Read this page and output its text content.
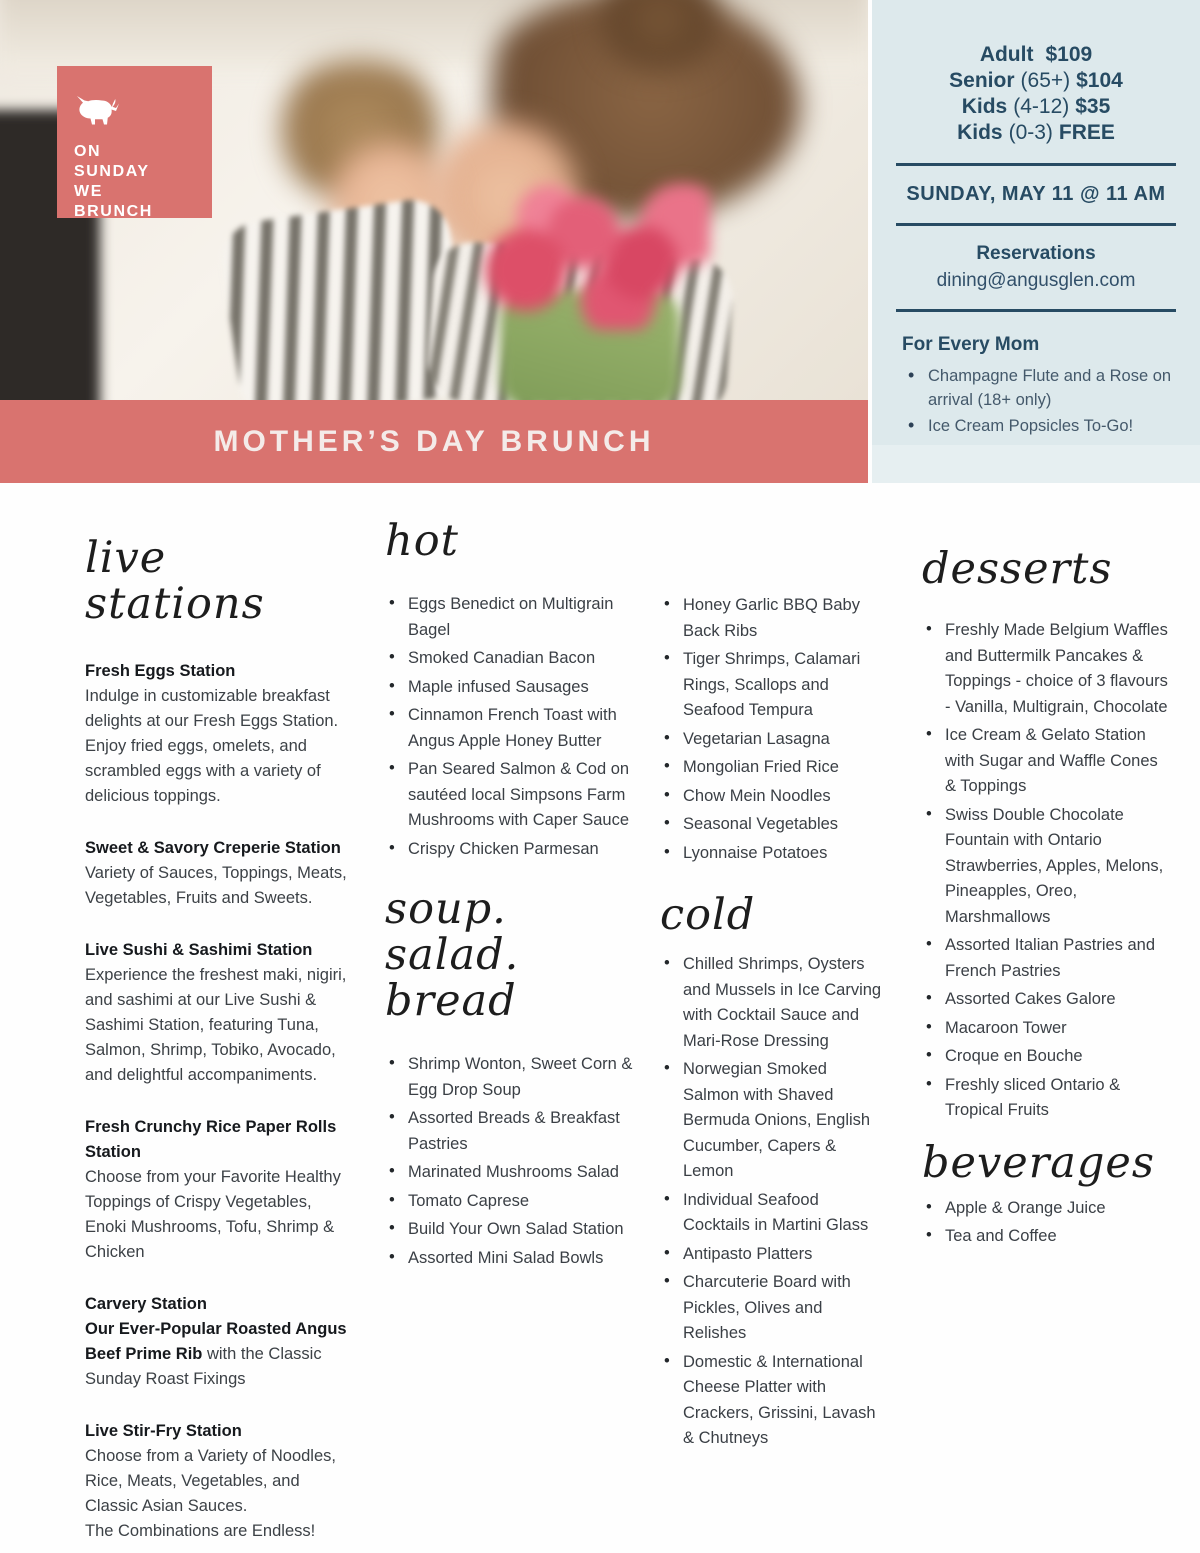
ON
SUNDAY
WE
BRUNCH
MOTHER’S DAY BRUNCH
Adult $109
Senior (65+) $104
Kids (4-12) $35
Kids (0-3) FREE
SUNDAY, MAY 11 @ 11 AM
Reservations
dining@angusglen.com
For Every Mom
• Champagne Flute and a Rose on arrival (18+ only)
• Ice Cream Popsicles To-Go!
live stations
Fresh Eggs Station
Indulge in customizable breakfast delights at our Fresh Eggs Station. Enjoy fried eggs, omelets, and scrambled eggs with a variety of delicious toppings.
Sweet & Savory Creperie Station
Variety of Sauces, Toppings, Meats, Vegetables, Fruits and Sweets.
Live Sushi & Sashimi Station
Experience the freshest maki, nigiri, and sashimi at our Live Sushi & Sashimi Station, featuring Tuna, Salmon, Shrimp, Tobiko, Avocado, and delightful accompaniments.
Fresh Crunchy Rice Paper Rolls Station
Choose from your Favorite Healthy Toppings of Crispy Vegetables, Enoki Mushrooms, Tofu, Shrimp & Chicken
Carvery Station
Our Ever-Popular Roasted Angus Beef Prime Rib with the Classic Sunday Roast Fixings
Live Stir-Fry Station
Choose from a Variety of Noodles, Rice, Meats, Vegetables, and Classic Asian Sauces.
The Combinations are Endless!
hot
• Eggs Benedict on Multigrain Bagel
• Smoked Canadian Bacon
• Maple infused Sausages
• Cinnamon French Toast with Angus Apple Honey Butter
• Pan Seared Salmon & Cod on sautéed local Simpsons Farm Mushrooms with Caper Sauce
• Crispy Chicken Parmesan
soup. salad. bread
• Shrimp Wonton, Sweet Corn & Egg Drop Soup
• Assorted Breads & Breakfast Pastries
• Marinated Mushrooms Salad
• Tomato Caprese
• Build Your Own Salad Station
• Assorted Mini Salad Bowls
• Honey Garlic BBQ Baby Back Ribs
• Tiger Shrimps, Calamari Rings, Scallops and Seafood Tempura
• Vegetarian Lasagna
• Mongolian Fried Rice
• Chow Mein Noodles
• Seasonal Vegetables
• Lyonnaise Potatoes
cold
• Chilled Shrimps, Oysters and Mussels in Ice Carving with Cocktail Sauce and Mari-Rose Dressing
• Norwegian Smoked Salmon with Shaved Bermuda Onions, English Cucumber, Capers & Lemon
• Individual Seafood Cocktails in Martini Glass
• Antipasto Platters
• Charcuterie Board with Pickles, Olives and Relishes
• Domestic & International Cheese Platter with Crackers, Grissini, Lavash & Chutneys
desserts
• Freshly Made Belgium Waffles and Buttermilk Pancakes & Toppings - choice of 3 flavours - Vanilla, Multigrain, Chocolate
• Ice Cream & Gelato Station with Sugar and Waffle Cones & Toppings
• Swiss Double Chocolate Fountain with Ontario Strawberries, Apples, Melons, Pineapples, Oreo, Marshmallows
• Assorted Italian Pastries and French Pastries
• Assorted Cakes Galore
• Macaroon Tower
• Croque en Bouche
• Freshly sliced Ontario & Tropical Fruits
beverages
• Apple & Orange Juice
• Tea and Coffee
